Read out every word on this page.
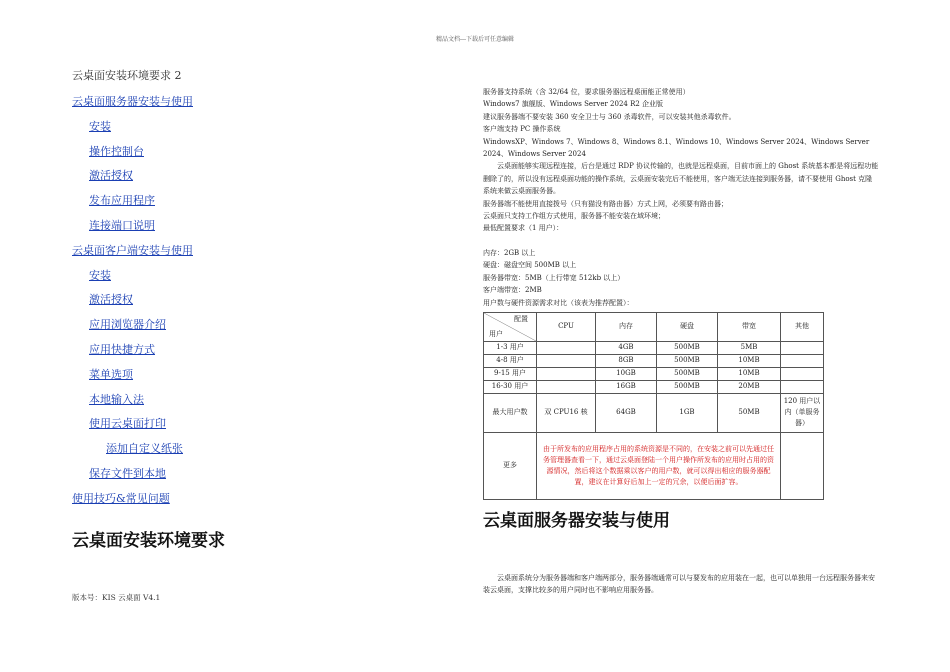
精品文档---下载后可任意编辑
云桌面安装环境要求 2
云桌面服务器安装与使用
安装
操作控制台
激活授权
发布应用程序
连接端口说明
云桌面客户端安装与使用
安装
激活授权
应用浏览器介绍
应用快捷方式
菜单选项
本地输入法
使用云桌面打印
添加自定义纸张
保存文件到本地
使用技巧&常见问题
云桌面安装环境要求
版本号：KIS 云桌面 V4.1

服务器支持系统（含 32/64 位，要求服务器远程桌面能正常使用）

Windows7 旗舰版、Windows Server 2024 R2 企业版

建议服务器端不要安装 360 安全卫士与 360 杀毒软件，可以安装其他杀毒软件。

客户端支持 PC 操作系统

WindowsXP、Windows 7、Windows 8、Windows 8.1、Windows 10、Windows Server 2024、Windows Server 2024、Windows Server 2024

云桌面能够实现远程连接，后台是通过 RDP 协议传输的，也就是远程桌面，目前市面上的 Ghost 系统基本都是将远程功能删除了的，所以没有远程桌面功能的操作系统，云桌面安装完后不能使用，客户端无法连接到服务器，请不要使用 Ghost 克隆系统来做云桌面服务器。

服务器端不能使用直接拨号（只有猫没有路由器）方式上网，必须要有路由器；

云桌面只支持工作组方式使用，服务器不能安装在域环境；

最低配置要求（1 用户）：

内存：2GB 以上

硬盘：磁盘空间 500MB 以上

服务器带宽：5MB（上行带宽 512kb 以上）

客户端带宽：2MB

用户数与硬件资源需求对比（该表为推荐配置）：

配置
用户	CPU	内存	硬盘	带宽	其他
1-3 用户		4GB	500MB	5MB	
4-8 用户		8GB	500MB	10MB	
9-15 用户		10GB	500MB	10MB	
16-30 用户		16GB	500MB	20MB	
最大用户数	双 CPU16 核	64GB	1GB	50MB	120 用户以内（单服务器）
更多	由于所发布的应用程序占用的系统资源是不同的，在安装之前可以先通过任务管理器查看一下，通过云桌面登陆一个用户操作所发布的应用时占用的资源情况，然后将这个数据乘以客户的用户数，就可以得出相应的服务器配置，建议在计算好后加上一定的冗余，以便后面扩容。				
云桌面服务器安装与使用

云桌面系统分为服务器端和客户端两部分，服务器端通常可以与要发布的应用装在一起，也可以单独用一台远程服务器来安装云桌面，支撑比较多的用户同时也不影响应用服务器。
